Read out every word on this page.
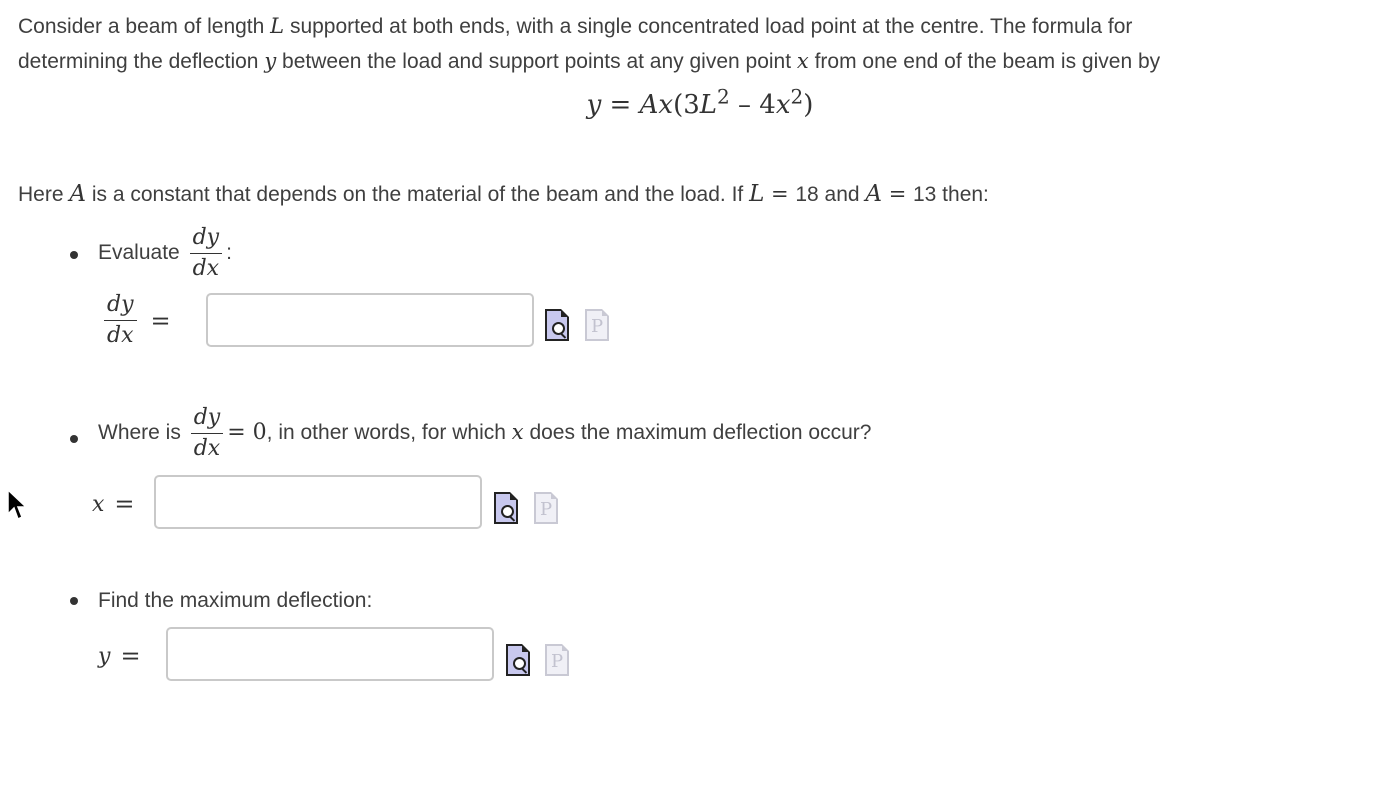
Consider a beam of length L supported at both ends, with a single concentrated load point at the centre. The formula for
determining the deflection y between the load and support points at any given point x from one end of the beam is given by
$y = Ax(3L^2 - 4x^2)$
Here A is a constant that depends on the material of the beam and the load. If L = 18 and A = 13 then:
Evaluate $\frac{dy}{dx}$ :
$\frac{dy}{dx}$ =	P
Where is $\frac{dy}{dx} = 0$, in other words, for which x does the maximum deflection occur?
x =	P
Find the maximum deflection:
y =	P
